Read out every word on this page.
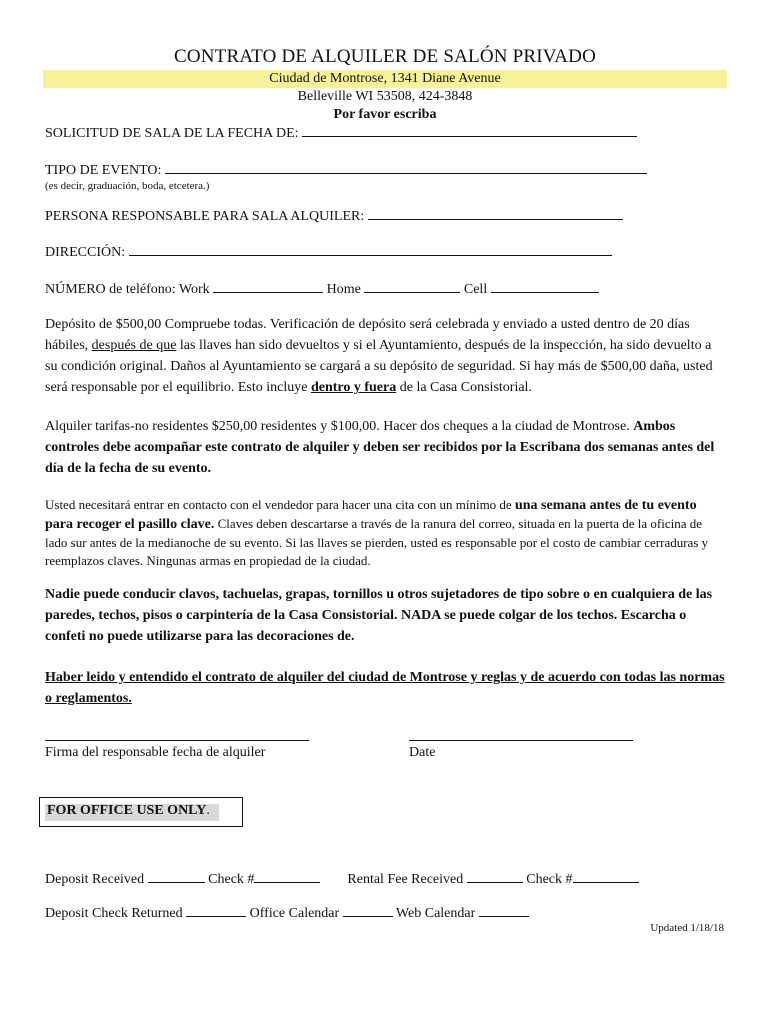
CONTRATO DE ALQUILER DE SALÓN PRIVADO
Ciudad de Montrose, 1341 Diane Avenue
Belleville WI 53508, 424-3848
Por favor escriba
SOLICITUD DE SALA DE LA FECHA DE:
TIPO DE EVENTO:
(es decir, graduación, boda, etcetera.)
PERSONA RESPONSABLE PARA SALA ALQUILER:
DIRECCIÓN:
NÚMERO de teléfono: Work	Home	Cell
Depósito de $500,00 Compruebe todas. Verificación de depósito será celebrada y enviado a usted dentro de 20 días hábiles, después de que las llaves han sido devueltos y si el Ayuntamiento, después de la inspección, ha sido devuelto a su condición original. Daños al Ayuntamiento se cargará a su depósito de seguridad. Si hay más de $500,00 daña, usted será responsable por el equilibrio. Esto incluye dentro y fuera de la Casa Consistorial.
Alquiler tarifas-no residentes $250,00 residentes y $100,00. Hacer dos cheques a la ciudad de Montrose. Ambos controles debe acompañar este contrato de alquiler y deben ser recibidos por la Escribana dos semanas antes del día de la fecha de su evento.
Usted necesitará entrar en contacto con el vendedor para hacer una cita con un mínimo de una semana antes de tu evento para recoger el pasillo clave. Claves deben descartarse a través de la ranura del correo, situada en la puerta de la oficina de lado sur antes de la medianoche de su evento. Si las llaves se pierden, usted es responsable por el costo de cambiar cerraduras y reemplazos claves. Ningunas armas en propiedad de la ciudad.
Nadie puede conducir clavos, tachuelas, grapas, tornillos u otros sujetadores de tipo sobre o en cualquiera de las paredes, techos, pisos o carpintería de la Casa Consistorial. NADA se puede colgar de los techos. Escarcha o confeti no puede utilizarse para las decoraciones de.
Haber leido y entendido el contrato de alquiler del ciudad de Montrose y reglas y de acuerdo con todas las normas o reglamentos.
Firma del responsable fecha de alquiler	Date
FOR OFFICE USE ONLY.
Deposit Received	Check #	Rental Fee Received	Check #
Deposit Check Returned	Office Calendar	Web Calendar
Updated 1/18/18
